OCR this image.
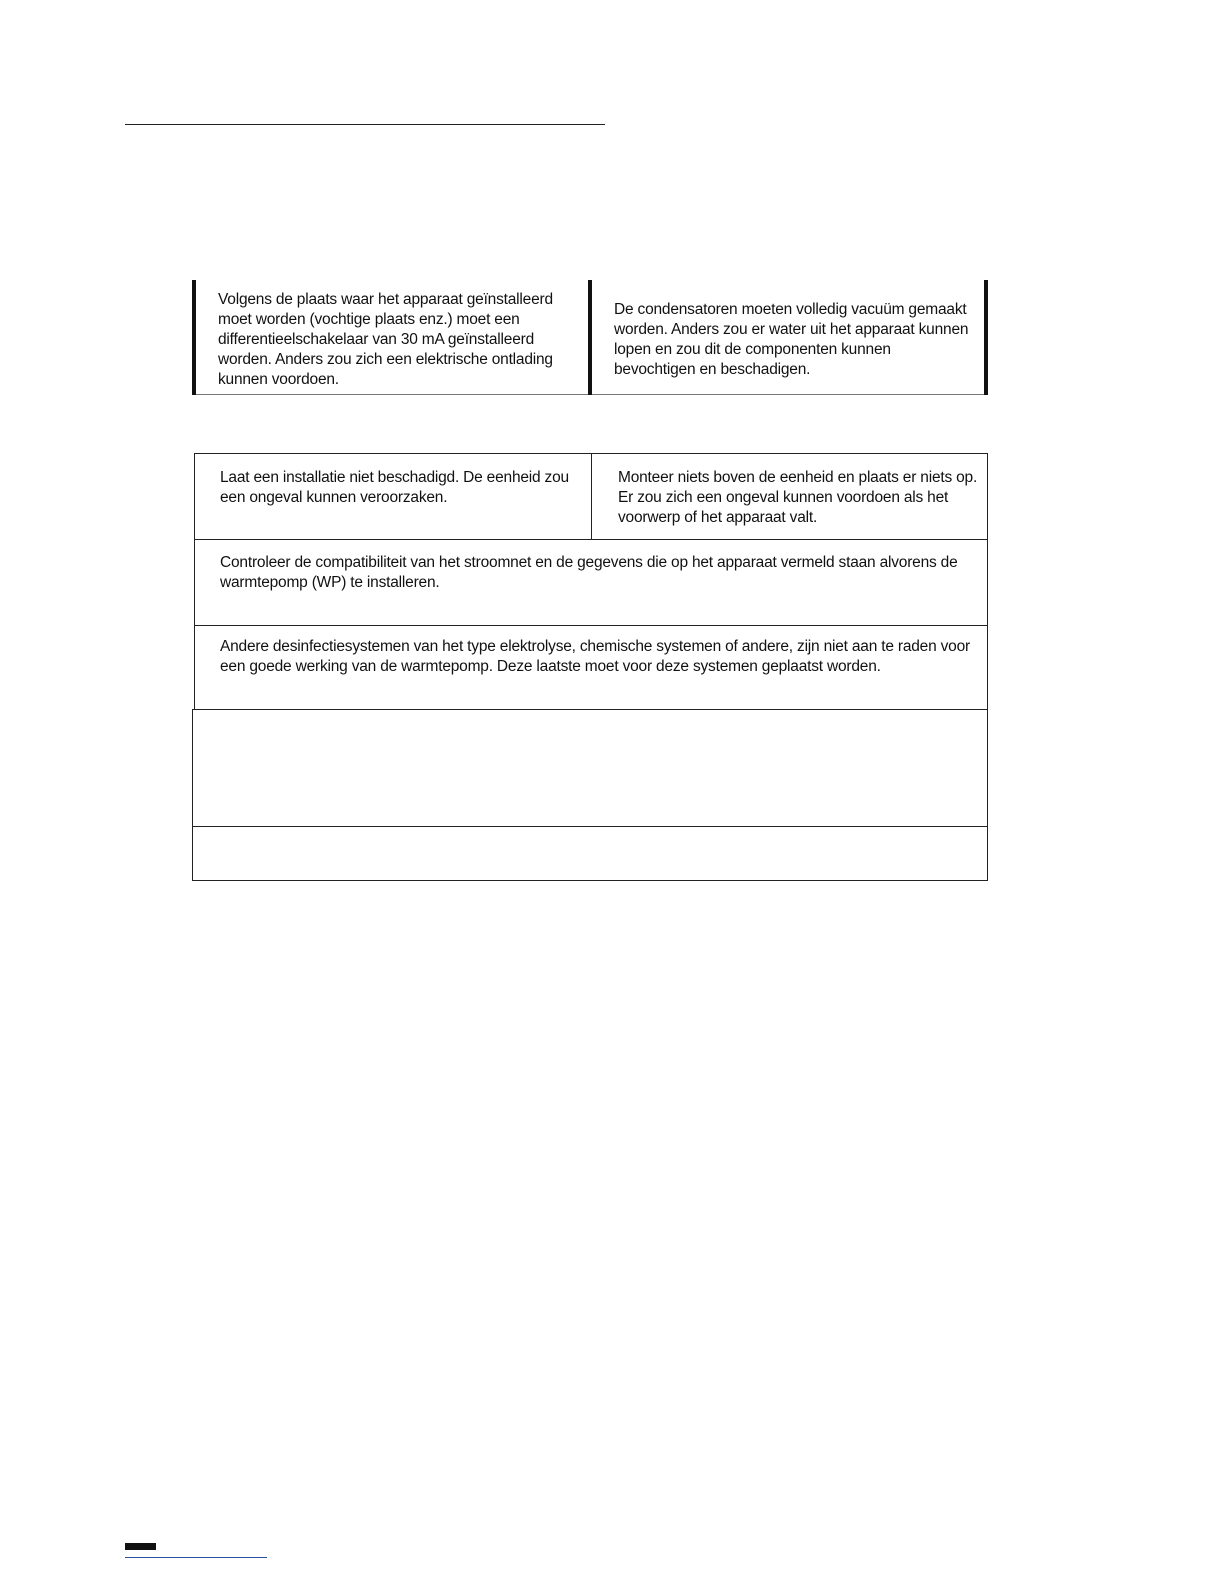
Volgens de plaats waar het apparaat geïnstalleerd moet worden (vochtige plaats enz.) moet een differentieelschakelaar van 30 mA geïnstalleerd worden. Anders zou zich een elektrische ontlading kunnen voordoen.

De condensatoren moeten volledig vacuüm gemaakt worden. Anders zou er water uit het apparaat kunnen lopen en zou dit de componenten kunnen bevochtigen en beschadigen.

Laat een installatie niet beschadigd. De eenheid zou een ongeval kunnen veroorzaken.

Monteer niets boven de eenheid en plaats er niets op. Er zou zich een ongeval kunnen voordoen als het voorwerp of het apparaat valt.

Controleer de compatibiliteit van het stroomnet en de gegevens die op het apparaat vermeld staan alvorens de warmtepomp (WP) te installeren.

Andere desinfectiesystemen van het type elektrolyse, chemische systemen of andere, zijn niet aan te raden voor een goede werking van de warmtepomp. Deze laatste moet voor deze systemen geplaatst worden.
